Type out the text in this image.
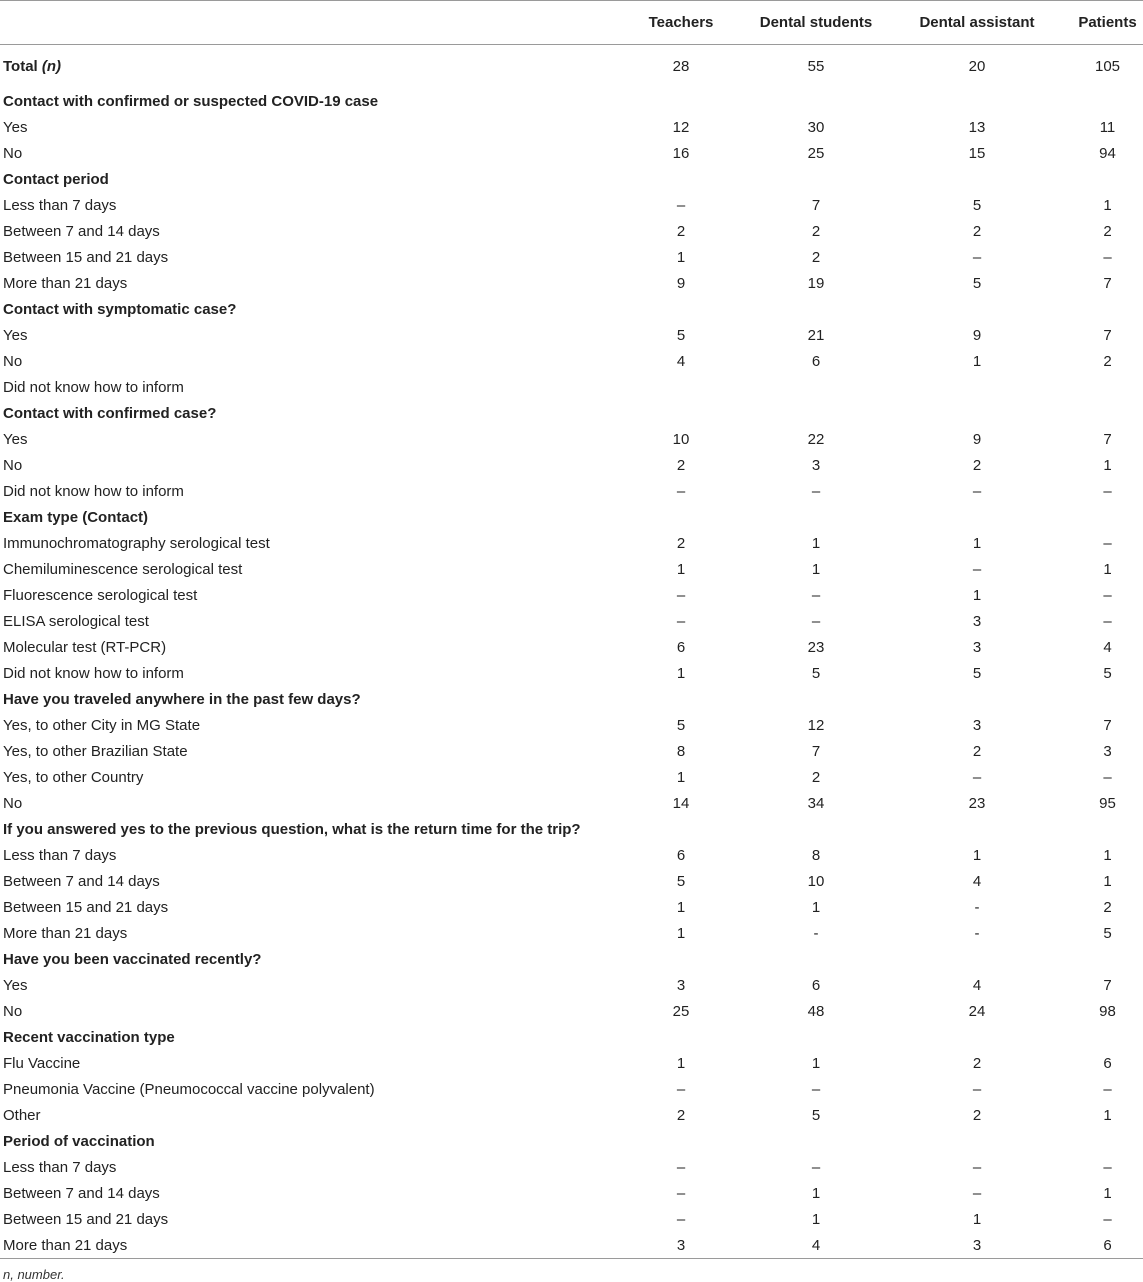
	Teachers	Dental students	Dental assistant	Patients
Total (n)	28	55	20	105
Contact with confirmed or suspected COVID-19 case				
Yes	12	30	13	11
No	16	25	15	94
Contact period				
Less than 7 days	–	7	5	1
Between 7 and 14 days	2	2	2	2
Between 15 and 21 days	1	2	–	–
More than 21 days	9	19	5	7
Contact with symptomatic case?				
Yes	5	21	9	7
No	4	6	1	2
Did not know how to inform				
Contact with confirmed case?				
Yes	10	22	9	7
No	2	3	2	1
Did not know how to inform	–	–	–	–
Exam type (Contact)				
Immunochromatography serological test	2	1	1	–
Chemiluminescence serological test	1	1	–	1
Fluorescence serological test	–	–	1	–
ELISA serological test	–	–	3	–
Molecular test (RT-PCR)	6	23	3	4
Did not know how to inform	1	5	5	5
Have you traveled anywhere in the past few days?				
Yes, to other City in MG State	5	12	3	7
Yes, to other Brazilian State	8	7	2	3
Yes, to other Country	1	2	–	–
No	14	34	23	95
If you answered yes to the previous question, what is the return time for the trip?				
Less than 7 days	6	8	1	1
Between 7 and 14 days	5	10	4	1
Between 15 and 21 days	1	1	-	2
More than 21 days	1	-	-	5
Have you been vaccinated recently?				
Yes	3	6	4	7
No	25	48	24	98
Recent vaccination type				
Flu Vaccine	1	1	2	6
Pneumonia Vaccine (Pneumococcal vaccine polyvalent)	–	–	–	–
Other	2	5	2	1
Period of vaccination				
Less than 7 days	–	–	–	–
Between 7 and 14 days	–	1	–	1
Between 15 and 21 days	–	1	1	–
More than 21 days	3	4	3	6
n, number.
